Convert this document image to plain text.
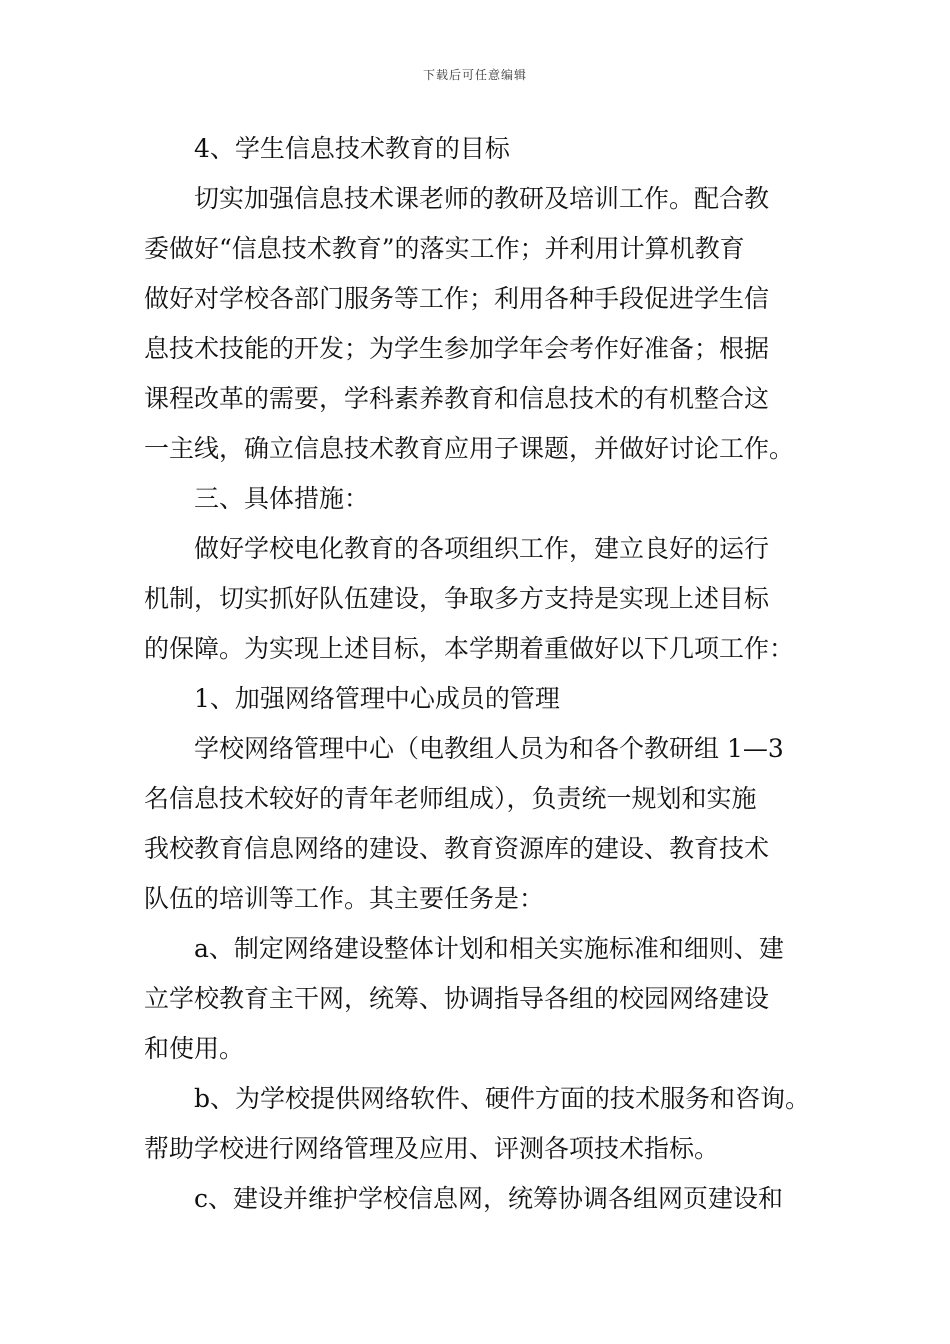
下载后可任意编辑
4、学生信息技术教育的目标
切实加强信息技术课老师的教研及培训工作。配合教
委做好“信息技术教育”的落实工作；并利用计算机教育
做好对学校各部门服务等工作；利用各种手段促进学生信
息技术技能的开发；为学生参加学年会考作好准备；根据
课程改革的需要，学科素养教育和信息技术的有机整合这
一主线，确立信息技术教育应用子课题，并做好讨论工作。
三、具体措施：
做好学校电化教育的各项组织工作，建立良好的运行
机制，切实抓好队伍建设，争取多方支持是实现上述目标
的保障。为实现上述目标，本学期着重做好以下几项工作：
1、加强网络管理中心成员的管理
学校网络管理中心（电教组人员为和各个教研组 1—3
名信息技术较好的青年老师组成），负责统一规划和实施
我校教育信息网络的建设、教育资源库的建设、教育技术
队伍的培训等工作。其主要任务是：
a、制定网络建设整体计划和相关实施标准和细则、建
立学校教育主干网，统筹、协调指导各组的校园网络建设
和使用。
b、为学校提供网络软件、硬件方面的技术服务和咨询。
帮助学校进行网络管理及应用、评测各项技术指标。
c、建设并维护学校信息网，统筹协调各组网页建设和
